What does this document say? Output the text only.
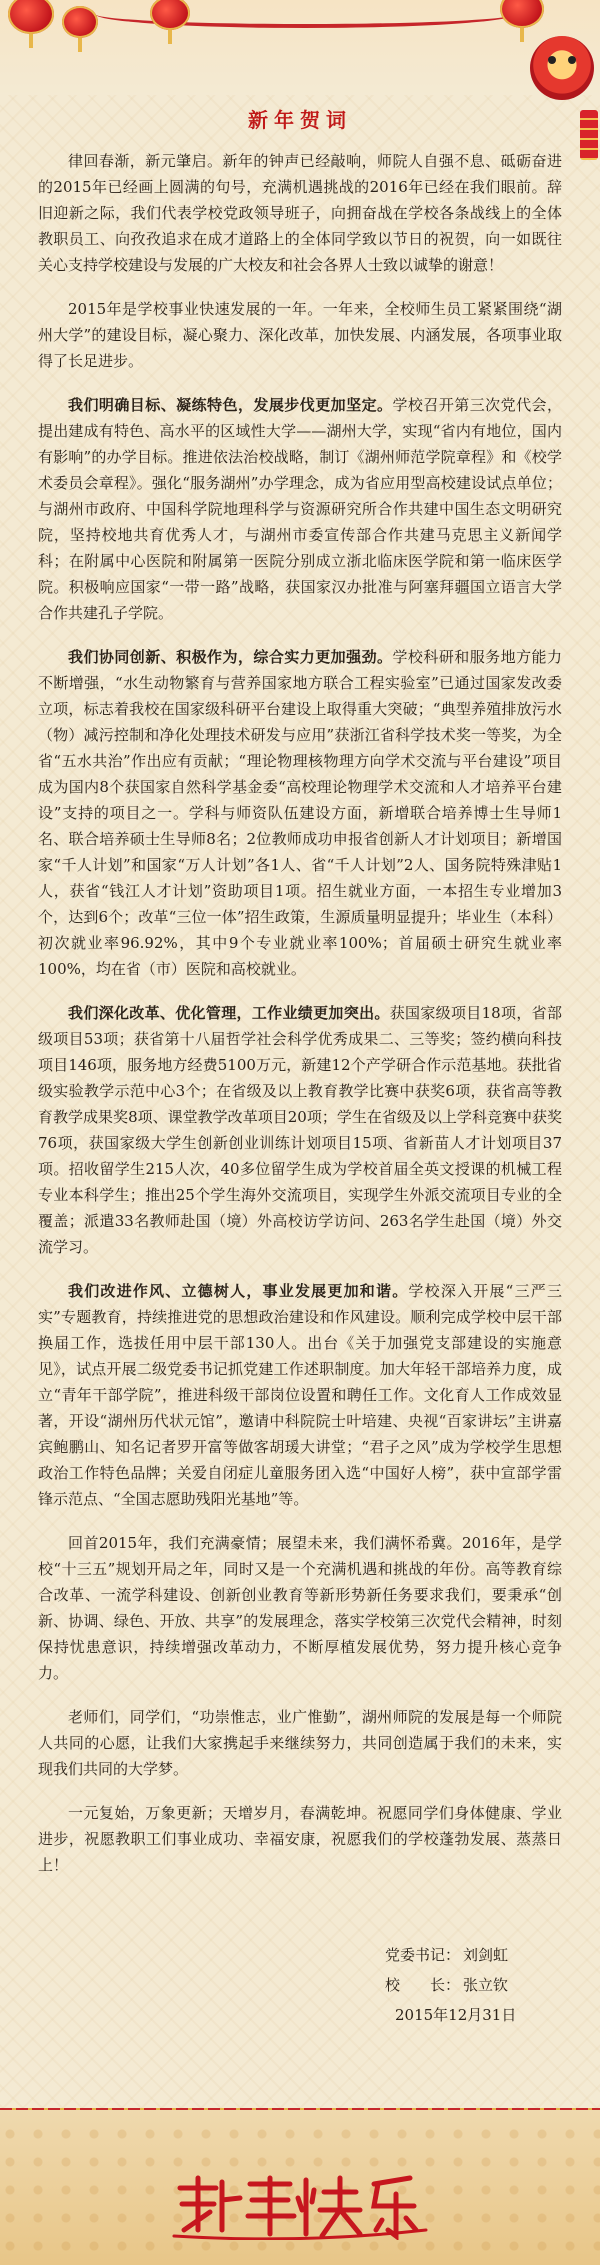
新年贺词

律回春渐，新元肇启。新年的钟声已经敲响，师院人自强不息、砥砺奋进的2015年已经画上圆满的句号，充满机遇挑战的2016年已经在我们眼前。辞旧迎新之际，我们代表学校党政领导班子，向拥奋战在学校各条战线上的全体教职员工、向孜孜追求在成才道路上的全体同学致以节日的祝贺，向一如既往关心支持学校建设与发展的广大校友和社会各界人士致以诚挚的谢意！

2015年是学校事业快速发展的一年。一年来，全校师生员工紧紧围绕“湖州大学”的建设目标，凝心聚力、深化改革，加快发展、内涵发展，各项事业取得了长足进步。

我们明确目标、凝练特色，发展步伐更加坚定。学校召开第三次党代会，提出建成有特色、高水平的区域性大学——湖州大学，实现“省内有地位，国内有影响”的办学目标。推进依法治校战略，制订《湖州师范学院章程》和《校学术委员会章程》。强化“服务湖州”办学理念，成为省应用型高校建设试点单位；与湖州市政府、中国科学院地理科学与资源研究所合作共建中国生态文明研究院，坚持校地共育优秀人才，与湖州市委宣传部合作共建马克思主义新闻学科；在附属中心医院和附属第一医院分别成立浙北临床医学院和第一临床医学院。积极响应国家“一带一路”战略，获国家汉办批准与阿塞拜疆国立语言大学合作共建孔子学院。

我们协同创新、积极作为，综合实力更加强劲。学校科研和服务地方能力不断增强，“水生动物繁育与营养国家地方联合工程实验室”已通过国家发改委立项，标志着我校在国家级科研平台建设上取得重大突破；“典型养殖排放污水（物）减污控制和净化处理技术研发与应用”获浙江省科学技术奖一等奖，为全省“五水共治”作出应有贡献；“理论物理核物理方向学术交流与平台建设”项目成为国内8个获国家自然科学基金委“高校理论物理学术交流和人才培养平台建设”支持的项目之一。学科与师资队伍建设方面，新增联合培养博士生导师1名、联合培养硕士生导师8名；2位教师成功申报省创新人才计划项目；新增国家“千人计划”和国家“万人计划”各1人、省“千人计划”2人、国务院特殊津贴1人，获省“钱江人才计划”资助项目1项。招生就业方面，一本招生专业增加3个，达到6个；改革“三位一体”招生政策，生源质量明显提升；毕业生（本科）初次就业率96.92%，其中9个专业就业率100%；首届硕士研究生就业率100%，均在省（市）医院和高校就业。

我们深化改革、优化管理，工作业绩更加突出。获国家级项目18项，省部级项目53项；获省第十八届哲学社会科学优秀成果二、三等奖；签约横向科技项目146项，服务地方经费5100万元，新建12个产学研合作示范基地。获批省级实验教学示范中心3个；在省级及以上教育教学比赛中获奖6项，获省高等教育教学成果奖8项、课堂教学改革项目20项；学生在省级及以上学科竞赛中获奖76项，获国家级大学生创新创业训练计划项目15项、省新苗人才计划项目37项。招收留学生215人次，40多位留学生成为学校首届全英文授课的机械工程专业本科学生；推出25个学生海外交流项目，实现学生外派交流项目专业的全覆盖；派遣33名教师赴国（境）外高校访学访问、263名学生赴国（境）外交流学习。

我们改进作风、立德树人，事业发展更加和谐。学校深入开展“三严三实”专题教育，持续推进党的思想政治建设和作风建设。顺利完成学校中层干部换届工作，选拔任用中层干部130人。出台《关于加强党支部建设的实施意见》，试点开展二级党委书记抓党建工作述职制度。加大年轻干部培养力度，成立“青年干部学院”，推进科级干部岗位设置和聘任工作。文化育人工作成效显著，开设“湖州历代状元馆”，邀请中科院院士叶培建、央视“百家讲坛”主讲嘉宾鲍鹏山、知名记者罗开富等做客胡瑗大讲堂；“君子之风”成为学校学生思想政治工作特色品牌；关爱自闭症儿童服务团入选“中国好人榜”，获中宣部学雷锋示范点、“全国志愿助残阳光基地”等。

回首2015年，我们充满豪情；展望未来，我们满怀希冀。2016年，是学校“十三五”规划开局之年，同时又是一个充满机遇和挑战的年份。高等教育综合改革、一流学科建设、创新创业教育等新形势新任务要求我们，要秉承“创新、协调、绿色、开放、共享”的发展理念，落实学校第三次党代会精神，时刻保持忧患意识，持续增强改革动力，不断厚植发展优势，努力提升核心竞争力。

老师们，同学们，“功崇惟志，业广惟勤”，湖州师院的发展是每一个师院人共同的心愿，让我们大家携起手来继续努力，共同创造属于我们的未来，实现我们共同的大学梦。

一元复始，万象更新；天增岁月，春满乾坤。祝愿同学们身体健康、学业进步，祝愿教职工们事业成功、幸福安康，祝愿我们的学校蓬勃发展、蒸蒸日上！

党委书记： 刘剑虹
校　　长： 张立钦
2015年12月31日
